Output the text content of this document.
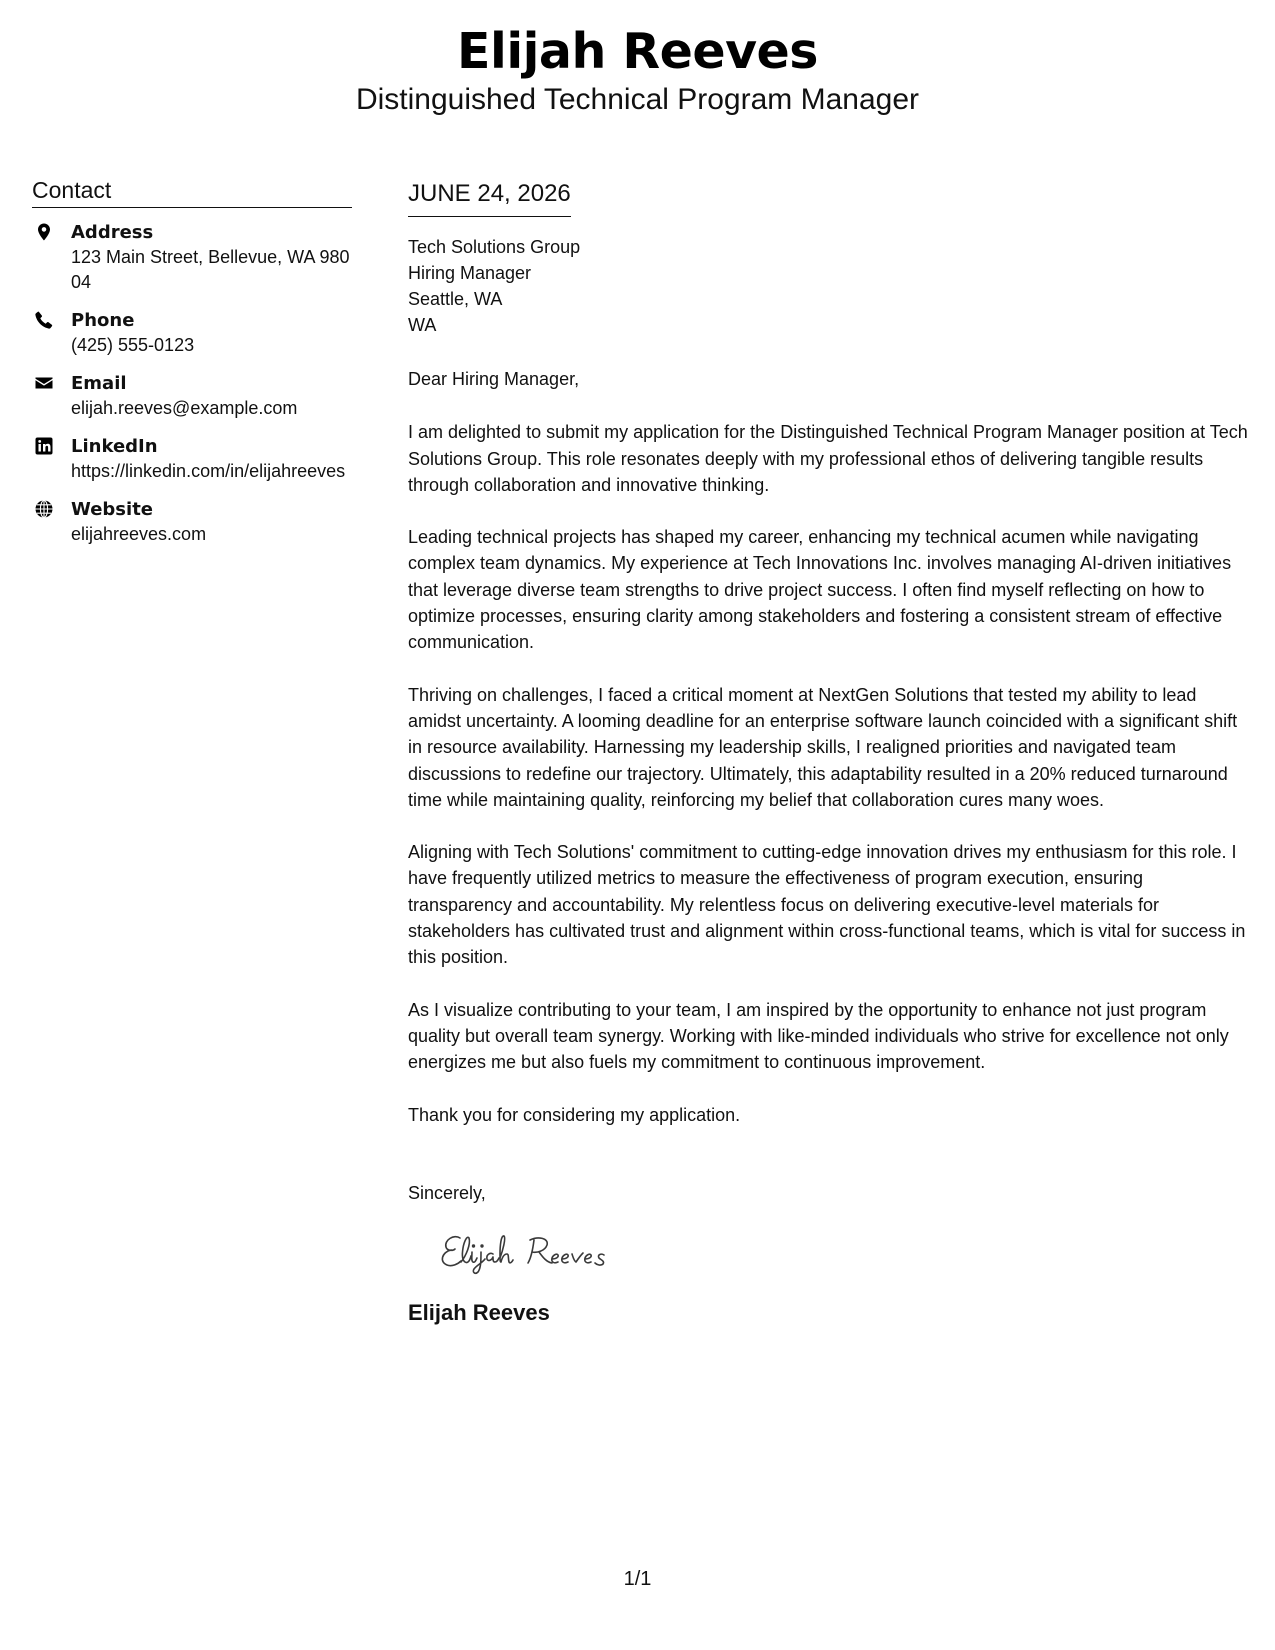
Elijah Reeves
Distinguished Technical Program Manager
Contact
Address
123 Main Street, Bellevue, WA 98004
Phone
(425) 555-0123
Email
elijah.reeves@example.com
LinkedIn
https://linkedin.com/in/elijahreeves
Website
elijahreeves.com
JUNE 24, 2026
Tech Solutions Group
Hiring Manager
Seattle, WA
WA
Dear Hiring Manager,

I am delighted to submit my application for the Distinguished Technical Program Manager position at Tech Solutions Group. This role resonates deeply with my professional ethos of delivering tangible results through collaboration and innovative thinking.

Leading technical projects has shaped my career, enhancing my technical acumen while navigating complex team dynamics. My experience at Tech Innovations Inc. involves managing AI-driven initiatives that leverage diverse team strengths to drive project success. I often find myself reflecting on how to optimize processes, ensuring clarity among stakeholders and fostering a consistent stream of effective communication.

Thriving on challenges, I faced a critical moment at NextGen Solutions that tested my ability to lead amidst uncertainty. A looming deadline for an enterprise software launch coincided with a significant shift in resource availability. Harnessing my leadership skills, I realigned priorities and navigated team discussions to redefine our trajectory. Ultimately, this adaptability resulted in a 20% reduced turnaround time while maintaining quality, reinforcing my belief that collaboration cures many woes.

Aligning with Tech Solutions' commitment to cutting-edge innovation drives my enthusiasm for this role. I have frequently utilized metrics to measure the effectiveness of program execution, ensuring transparency and accountability. My relentless focus on delivering executive-level materials for stakeholders has cultivated trust and alignment within cross-functional teams, which is vital for success in this position.

As I visualize contributing to your team, I am inspired by the opportunity to enhance not just program quality but overall team synergy. Working with like-minded individuals who strive for excellence not only energizes me but also fuels my commitment to continuous improvement.

Thank you for considering my application.
Sincerely,
Elijah Reeves
1/1
